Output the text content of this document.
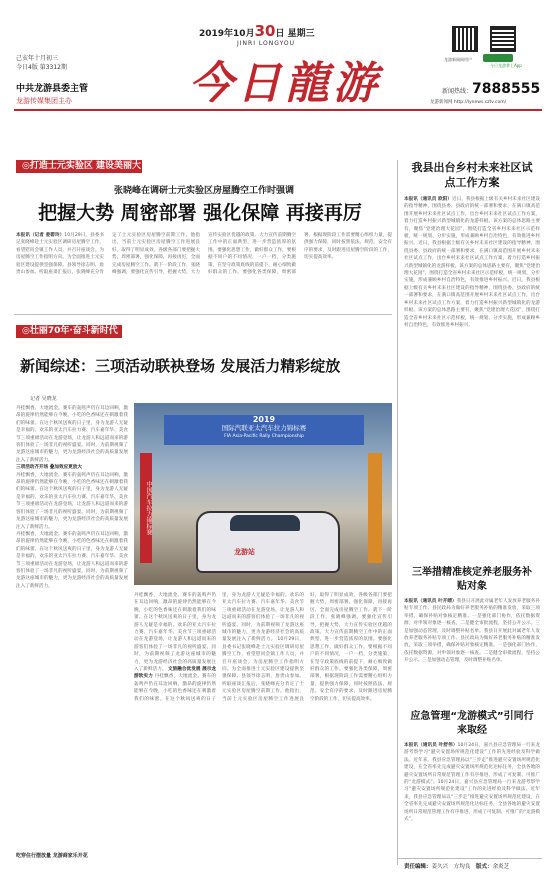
己亥年十月初三
今日4版 第3312期
中共龙游县委主管
龙游传媒集团主办
2019年10月30日 星期三
JINRI LONGYOU
今日龍游	龙游新闻网用户
今日龙游掌上App
新闻热线：7888555
龙游新闻网 http://lynews.cztv.com/
◎打造士元实验区 建设美丽大花园
张晓峰在调研士元实验区房屋腾空工作时强调
把握大势 周密部署 强化保障 再接再厉
本报讯（记者 姜碧玲）10月29日，县委书记张晓峰赴士元实验区调研房屋腾空工作，看望慰问会镇工作人员，并召开座谈会。为房屋腾空工作指明方向。为全面推进士元实验区建设提供坚强保障。县领导徐志明、詹贵山参加。听取座谈汇报后，张晓峰充分肯定了士元实验区房屋腾空前期工作。他指出，当前士元实验区房屋腾空工作进展良好，取得了明显成效，各级各部门要把握大势，周密部署，强化保障，再接再厉，全面完成房屋腾空工作。就下一阶段工作，张晓峰强调，要强化宣传引导，把握大势，大力宣传实验区优越的政策。大力宣传前期腾空工作中的正面典型，进一步营造浓厚的氛围。要强化思想工作，做好群众工作，要根据不同户的不同情况，一户一档，分类施策，在坚守政策底线的前提下，耐心细致做好群众的工作。要强化各类保障，周密部署，根据现阶段工作需要精心组织力量，提供强力保障，同时按照依法、规范、安全有序的要求，及时跟进房屋腾空阶段的工作，切实提高效率。
◎壮丽70年·奋斗新时代
新闻综述：三项活动联袂登场 发展活力精彩绽放
记者 吴晓龙
2019
国际汽联亚太汽车拉力锦标赛
FIA Asia-Pacific Rally Championship
中国汽车拉力锦标赛
龙游站
丹桂飘香，大地流金。赛车的轰鸣声仍在耳边回响，激昂的旋律仍然能够在今晚，小吃的色香味还在刺激着我们的味蕾。在这个秋风送爽的日子里，身为龙游人无疑是幸福的。欢乐的亚太汽车拉力赛、汽车嘉年华、美食节三项重磅活动在龙游登场，让龙游人和远道而来的游客们体验了一场非凡的视听盛宴。同时，为前期视频了龙游这座城市的魅力，更为龙游经济社会的高质量发展注入了新鲜活力。
三项活动齐开场 叠加效应更放大
丹桂飘香，大地流金。赛车的轰鸣声仍在耳边回响，激昂的旋律仍然能够在今晚，小吃的色香味还在刺激着我们的味蕾。在这个秋风送爽的日子里，身为龙游人无疑是幸福的。欢乐的亚太汽车拉力赛、汽车嘉年华、美食节三项重磅活动在龙游登场，让龙游人和远道而来的游客们体验了一场非凡的视听盛宴。同时，为前期视频了龙游这座城市的魅力，更为龙游经济社会的高质量发展注入了新鲜活力。
丹桂飘香，大地流金。赛车的轰鸣声仍在耳边回响，激昂的旋律仍然能够在今晚，小吃的色香味还在刺激着我们的味蕾。在这个秋风送爽的日子里，身为龙游人无疑是幸福的。欢乐的亚太汽车拉力赛、汽车嘉年华、美食节三项重磅活动在龙游登场，让龙游人和远道而来的游客们体验了一场非凡的视听盛宴。同时，为前期视频了龙游这座城市的魅力，更为龙游经济社会的高质量发展注入了新鲜活力。
吃穿住行摆放量 龙游商家乐开花
丹桂飘香，大地流金。赛车的轰鸣声仍在耳边回响，激昂的旋律仍然能够在今晚，小吃的色香味还在刺激着我们的味蕾。在这个秋风送爽的日子里，身为龙游人无疑是幸福的。欢乐的亚太汽车拉力赛、汽车嘉年华、美食节三项重磅活动在龙游登场，让龙游人和远道而来的游客们体验了一场非凡的视听盛宴。同时，为前期视频了龙游这座城市的魅力，更为龙游经济社会的高质量发展注入了新鲜活力。 文旅融合优发展 展示龙游软实力 丹桂飘香，大地流金。赛车的轰鸣声仍在耳边回响，激昂的旋律仍然能够在今晚，小吃的色香味还在刺激着我们的味蕾。在这个秋风送爽的日子里，身为龙游人无疑是幸福的。欢乐的亚太汽车拉力赛、汽车嘉年华、美食节三项重磅活动在龙游登场，让龙游人和远道而来的游客们体验了一场非凡的视听盛宴。同时，为前期视频了龙游这座城市的魅力，更为龙游经济社会的高质量发展注入了新鲜活力。 10月29日，县委书记张晓峰赴士元实验区调研房屋腾空工作，看望慰问会镇工作人员，并召开座谈会。为房屋腾空工作指明方向。为全面推进士元实验区建设提供坚强保障。县领导徐志明、詹贵山参加。听取座谈汇报后，张晓峰充分肯定了士元实验区房屋腾空前期工作。他指出，当前士元实验区房屋腾空工作进展良好，取得了明显成效，各级各部门要把握大势，周密部署，强化保障，再接再厉，全面完成房屋腾空工作。就下一阶段工作，张晓峰强调，要强化宣传引导，把握大势，大力宣传实验区优越的政策。大力宣传前期腾空工作中的正面典型，进一步营造浓厚的氛围。要强化思想工作，做好群众工作，要根据不同户的不同情况，一户一档，分类施策，在坚守政策底线的前提下，耐心细致做好群众的工作。要强化各类保障，周密部署，根据现阶段工作需要精心组织力量，提供强力保障，同时按照依法、规范、安全有序的要求，及时跟进房屋腾空阶段的工作，切实提高效率。
我县出台乡村未来社区试点工作方案
本报讯（通讯员 欧阳）近日，我县根据上级有关乡村未来社区建设的指导精神，围绕县委、县政府的统一部署和要求，在满口镇高范围开展乡村未来社区试点工作，出台乡村未来社区试点工作方案，着力打造乡村振兴新型城镇化的龙游样板。该方案的总体思路主要有，聚焦“党建治理大花园”，围绕打造全省乡村未来社区示范样板，统一规划、分步实施，形成兼顾乡村自治特色，有效推进乡村振兴。近日，我县根据上级有关乡村未来社区建设的指导精神，围绕县委、县政府的统一部署和要求，在满口镇高范围开展乡村未来社区试点工作，出台乡村未来社区试点工作方案，着力打造乡村振兴新型城镇化的龙游样板。该方案的总体思路主要有，聚焦“党建治理大花园”，围绕打造全省乡村未来社区示范样板，统一规划、分步实施，形成兼顾乡村自治特色，有效推进乡村振兴。近日，我县根据上级有关乡村未来社区建设的指导精神，围绕县委、县政府的统一部署和要求，在满口镇高范围开展乡村未来社区试点工作，出台乡村未来社区试点工作方案，着力打造乡村振兴新型城镇化的龙游样板。该方案的总体思路主要有，聚焦“党建治理大花园”，围绕打造全省乡村未来社区示范样板，统一规划、分步实施，形成兼顾乡村自治特色，有效推进乡村振兴。
三举措精准核定养老服务补贴对象
本报讯（通讯员 叶开晴）我县日开展此对属老年人发放养老服务补贴专项工作。县民政局为做好养老服务补贴的精准发放，采取三项举措，确保补贴对象核定精准。一是强化部门协作，依托数据资源，对申领对象逐一核查。二是健全审批流程，坚持公开公示。三是加强动态管理，及时调整补贴名单。我县日开展此对属老年人发放养老服务补贴专项工作。县民政局为做好养老服务补贴的精准发放，采取三项举措，确保补贴对象核定精准。一是强化部门协作，依托数据资源，对申领对象逐一核查。二是健全审批流程，坚持公开公示。三是加强动态管理，及时调整补贴名单。
应急管理“龙游模式”引同行来取经
本报讯（通讯员 叶舒伟）10月24日，嘉兴县应急管理局一行来龙游考察学习“避灾安置场所规范化建设”工作的先进经验及科学做法。近年来，我县应急管理局以“三步走”推进避灾安置场所规范化建设，在全省率先完成避灾安置场所规范化达标任务，全县各地的避灾安置场所日常规范管理工作有序推进，形成了可复制、可推广的“龙游模式”。10月24日，嘉兴县应急管理局一行来龙游考察学习“避灾安置场所规范化建设”工作的先进经验及科学做法。近年来，我县应急管理局以“三步走”推进避灾安置场所规范化建设，在全省率先完成避灾安置场所规范化达标任务，全县各地的避灾安置场所日常规范管理工作有序推进，形成了可复制、可推广的“龙游模式”。
责任编辑：姜久兴 方均良 版式：余炎芝
